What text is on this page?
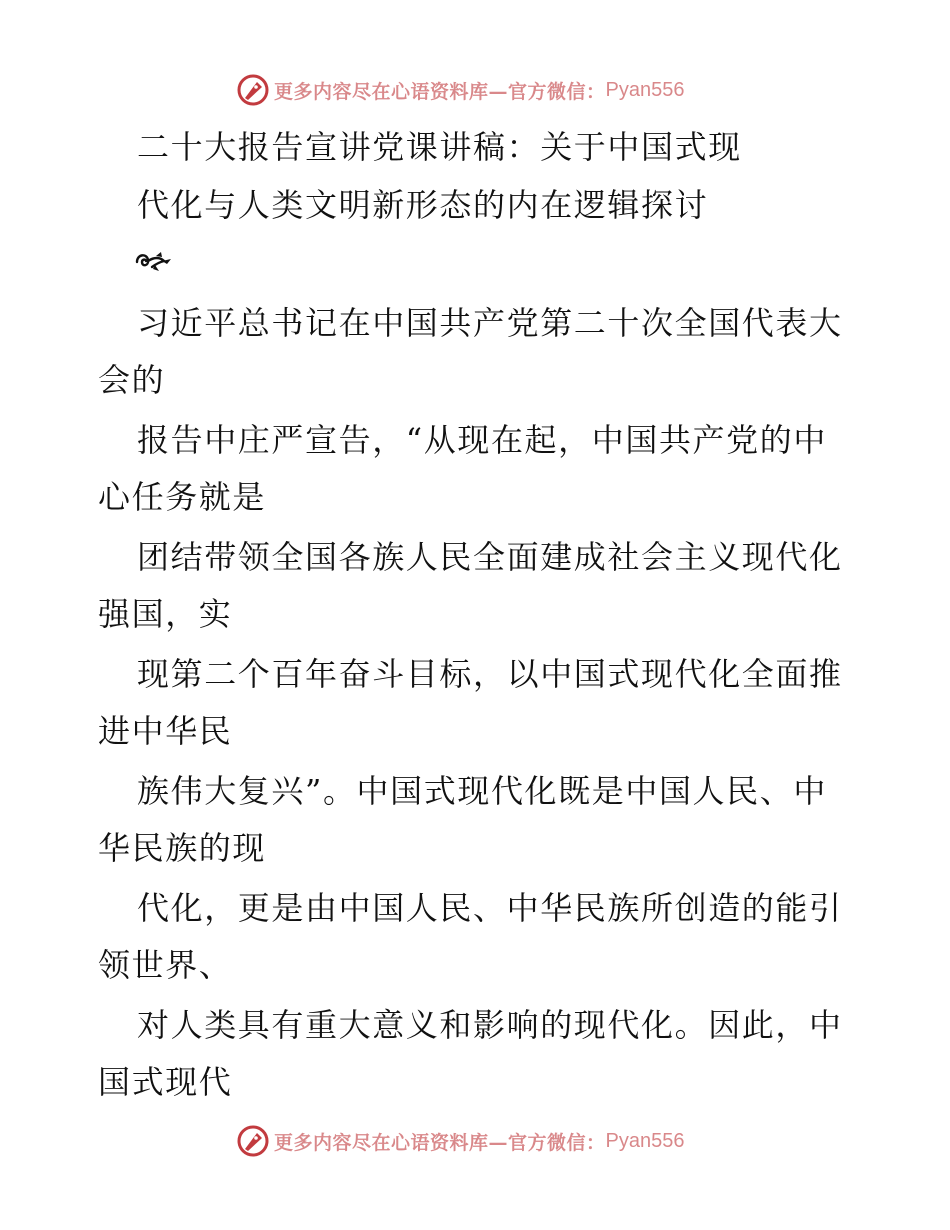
更多内容尽在心语资料库—官方微信： Pyan556
二十大报告宣讲党课讲稿：关于中国式现
代化与人类文明新形态的内在逻辑探讨
习近平总书记在中国共产党第二十次全国代表大
会的
报告中庄严宣告，“从现在起，中国共产党的中
心任务就是
团结带领全国各族人民全面建成社会主义现代化
强国，实
现第二个百年奋斗目标，以中国式现代化全面推
进中华民
族伟大复兴”。中国式现代化既是中国人民、中
华民族的现
代化，更是由中国人民、中华民族所创造的能引
领世界、
对人类具有重大意义和影响的现代化。因此，中
国式现代
更多内容尽在心语资料库—官方微信： Pyan556
